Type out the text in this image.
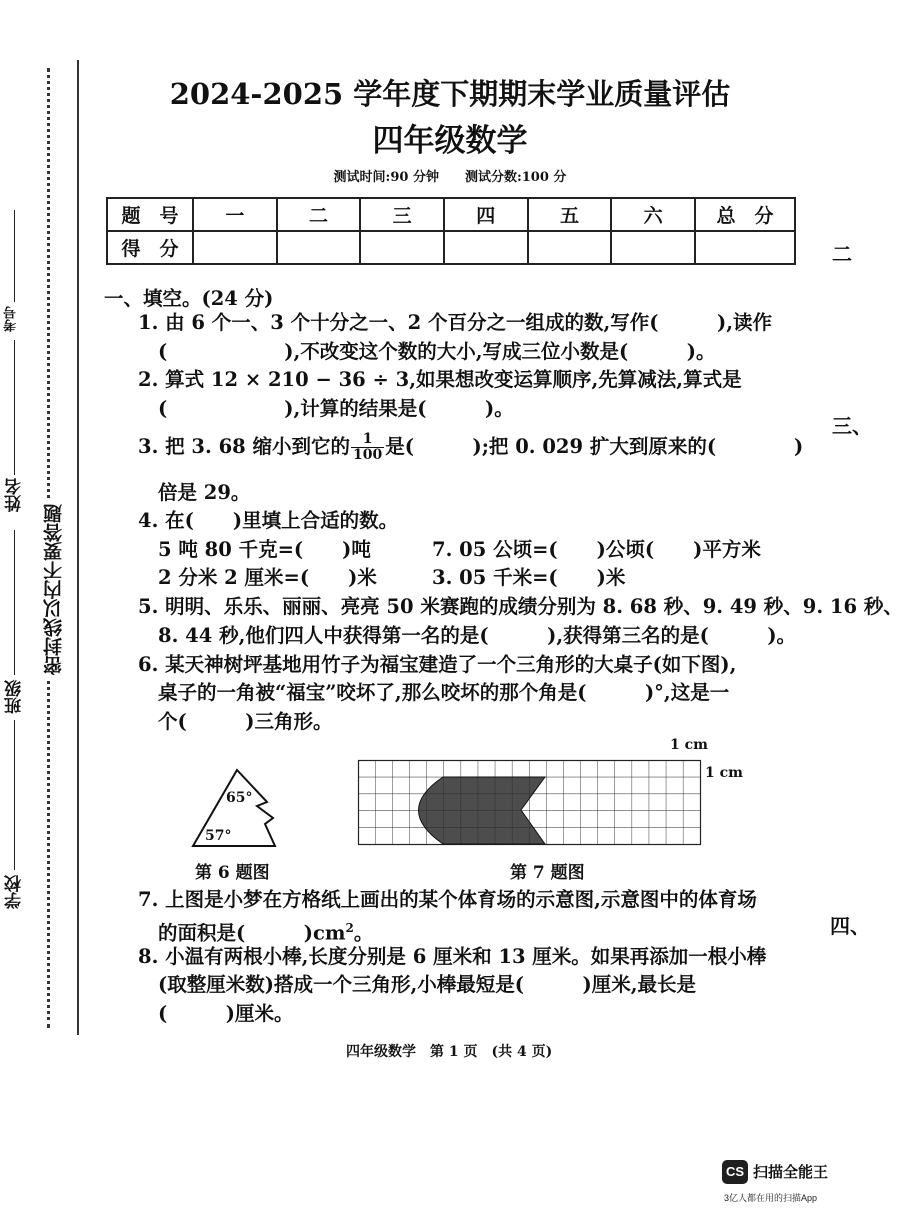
密封线以内不要答题
学校
班级
姓名
考号
二
三、
四、
2024-2025 学年度下期期末学业质量评估
四年级数学
测试时间:90 分钟　　测试分数:100 分
题　号	一	二	三	四	五	六	总　分
得　分							
一、填空。(24 分)
1. 由 6 个一、3 个十分之一、2 个百分之一组成的数,写作(　　　),读作
(　　　　　　),不改变这个数的大小,写成三位小数是(　　　)。
2. 算式 12 × 210 − 36 ÷ 3,如果想改变运算顺序,先算减法,算式是
(　　　　　　),计算的结果是(　　　)。
3. 把 3. 68 缩小到它的 $\frac{1}{100}$ 是(　　　);把 0. 029 扩大到原来的(　　　　)
倍是 29。
4. 在(　　)里填上合适的数。
5 吨 80 千克=(　　)吨	7. 05 公顷=(　　)公顷(　　)平方米
2 分米 2 厘米=(　　)米	3. 05 千米=(　　)米
5. 明明、乐乐、丽丽、亮亮 50 米赛跑的成绩分别为 8. 68 秒、9. 49 秒、9. 16 秒、
8. 44 秒,他们四人中获得第一名的是(　　　),获得第三名的是(　　　)。
6. 某天神树坪基地用竹子为福宝建造了一个三角形的大桌子(如下图),
桌子的一角被“福宝”咬坏了,那么咬坏的那个角是(　　　)°,这是一
个(　　　)三角形。
65°
57°
第 6 题图
1 cm
1 cm
第 7 题图
7. 上图是小梦在方格纸上画出的某个体育场的示意图,示意图中的体育场
的面积是(　　　)$cm^2$。
8. 小温有两根小棒,长度分别是 6 厘米和 13 厘米。如果再添加一根小棒
(取整厘米数)搭成一个三角形,小棒最短是(　　　)厘米,最长是
(　　　)厘米。
四年级数学　第 1 页　(共 4 页)
CS 扫描全能王
3亿人都在用的扫描App
